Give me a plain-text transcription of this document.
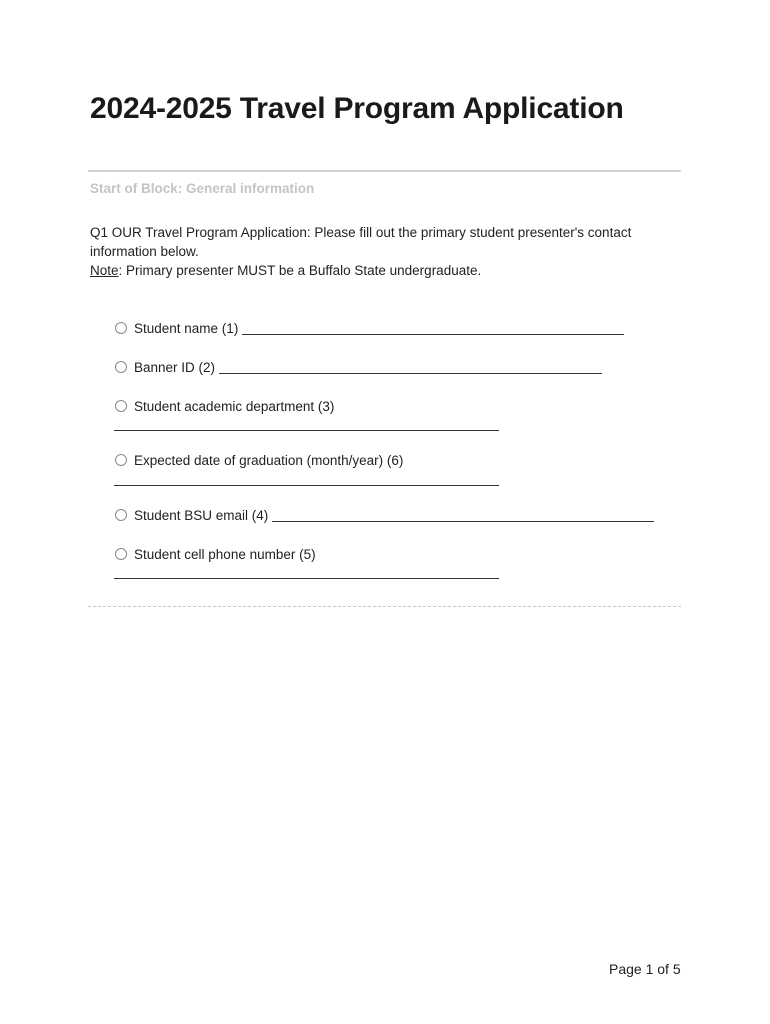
2024-2025 Travel Program Application
Start of Block: General information

Q1 OUR Travel Program Application: Please fill out the primary student presenter's contact information below.

Note: Primary presenter MUST be a Buffalo State undergraduate.

Student name (1)
Banner ID (2)
Student academic department (3)
Expected date of graduation (month/year) (6)
Student BSU email (4)
Student cell phone number (5)
Page 1 of 5
